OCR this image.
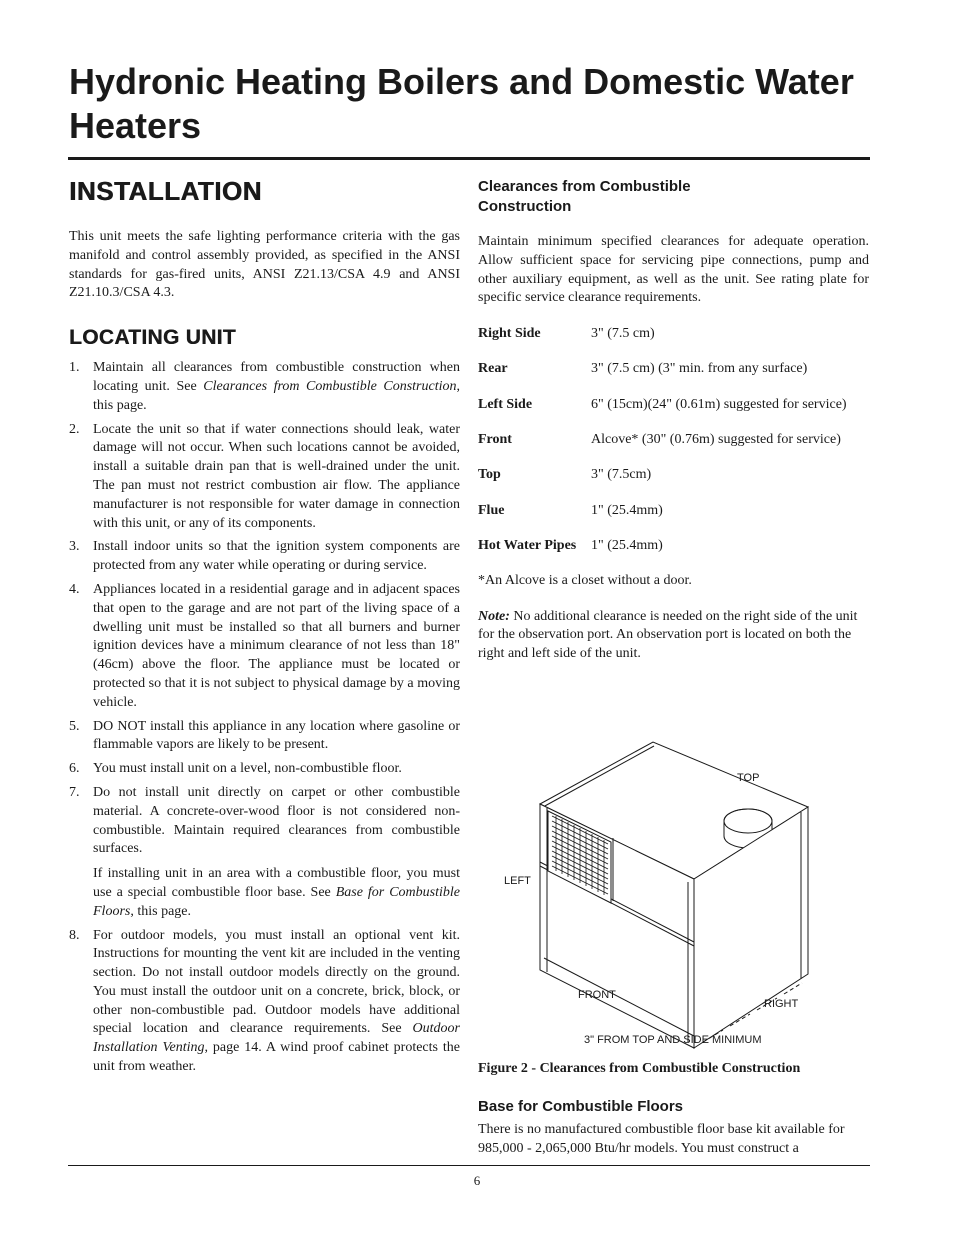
Hydronic Heating Boilers and Domestic Water Heaters
INSTALLATION

This unit meets the safe lighting performance criteria with the gas manifold and control assembly provided, as specified in the ANSI standards for gas-fired units, ANSI Z21.13/CSA 4.9 and ANSI Z21.10.3/CSA 4.3.

LOCATING UNIT
1. Maintain all clearances from combustible construction when locating unit. See Clearances from Combustible Construction, this page.

2. Locate the unit so that if water connections should leak, water damage will not occur. When such locations cannot be avoided, install a suitable drain pan that is well-drained under the unit. The pan must not restrict combustion air flow. The appliance manufacturer is not responsible for water damage in connection with this unit, or any of its components.

3. Install indoor units so that the ignition system components are protected from any water while operating or during service.

4. Appliances located in a residential garage and in adjacent spaces that open to the garage and are not part of the living space of a dwelling unit must be installed so that all burners and burner ignition devices have a minimum clearance of not less than 18" (46cm) above the floor. The appliance must be located or protected so that it is not subject to physical damage by a moving vehicle.

5. DO NOT install this appliance in any location where gasoline or flammable vapors are likely to be present.

6. You must install unit on a level, non-combustible floor.

7. Do not install unit directly on carpet or other combustible material. A concrete-over-wood floor is not considered non-combustible. Maintain required clearances from combustible surfaces.

If installing unit in an area with a combustible floor, you must use a special combustible floor base. See Base for Combustible Floors, this page.

8. For outdoor models, you must install an optional vent kit. Instructions for mounting the vent kit are included in the venting section. Do not install outdoor models directly on the ground. You must install the outdoor unit on a concrete, brick, block, or other non-combustible pad. Outdoor models have additional special location and clearance requirements. See Outdoor Installation Venting, page 14. A wind proof cabinet protects the unit from weather.

Clearances from Combustible Construction

Maintain minimum specified clearances for adequate operation. Allow sufficient space for servicing pipe connections, pump and other auxiliary equipment, as well as the unit. See rating plate for specific service clearance requirements.

Right Side	3" (7.5 cm)
Rear	3" (7.5 cm) (3" min. from any surface)
Left Side	6" (15cm)(24" (0.61m) suggested for service)
Front	Alcove* (30" (0.76m) suggested for service)
Top	3" (7.5cm)
Flue	1" (25.4mm)
Hot Water Pipes	1" (25.4mm)

*An Alcove is a closet without a door.

Note: No additional clearance is needed on the right side of the unit for the observation port. An observation port is located on both the right and left side of the unit.

TOP
LEFT
FRONT
RIGHT
3" FROM TOP AND SIDE MINIMUM

Figure 2 - Clearances from Combustible Construction

Base for Combustible Floors

There is no manufactured combustible floor base kit available for 985,000 - 2,065,000 Btu/hr models. You must construct a

6
